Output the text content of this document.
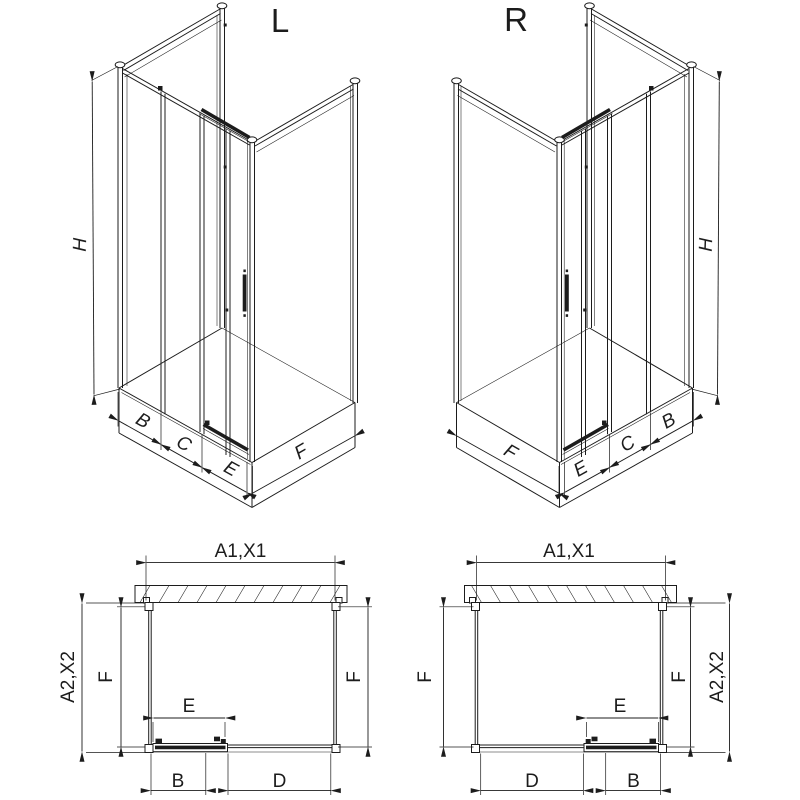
L
H
B
C
E
F
R
H
B
C
E
F
A1,X1
A2,X2 F	F
E
B	D
A1,X1
A2,X2
F	F
E
D	B
